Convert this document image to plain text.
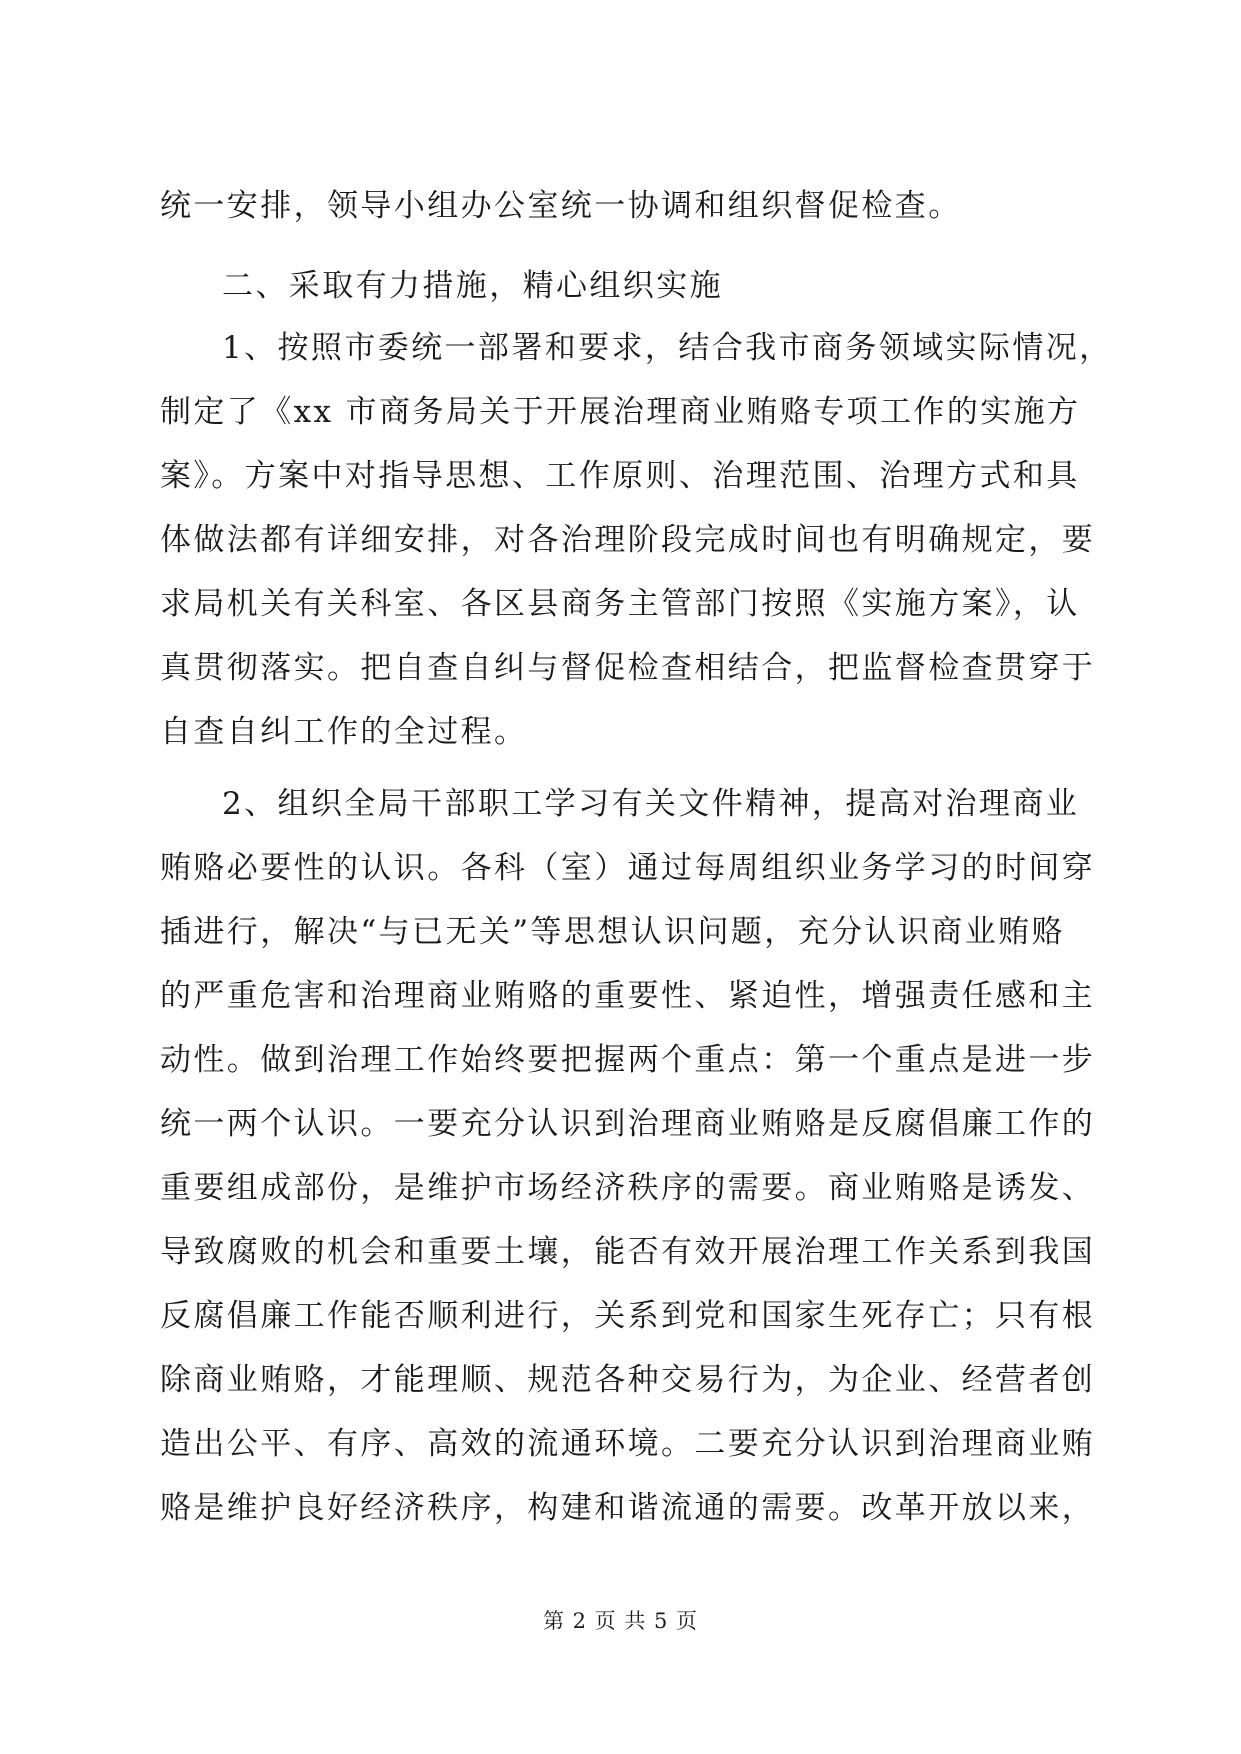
统一安排，领导小组办公室统一协调和组织督促检查。
二、采取有力措施，精心组织实施
1、按照市委统一部署和要求，结合我市商务领域实际情况，
制定了《xx 市商务局关于开展治理商业贿赂专项工作的实施方
案》。方案中对指导思想、工作原则、治理范围、治理方式和具
体做法都有详细安排，对各治理阶段完成时间也有明确规定，要
求局机关有关科室、各区县商务主管部门按照《实施方案》，认
真贯彻落实。把自查自纠与督促检查相结合，把监督检查贯穿于
自查自纠工作的全过程。
2、组织全局干部职工学习有关文件精神，提高对治理商业
贿赂必要性的认识。各科（室）通过每周组织业务学习的时间穿
插进行，解决“与已无关”等思想认识问题，充分认识商业贿赂
的严重危害和治理商业贿赂的重要性、紧迫性，增强责任感和主
动性。做到治理工作始终要把握两个重点：第一个重点是进一步
统一两个认识。一要充分认识到治理商业贿赂是反腐倡廉工作的
重要组成部份，是维护市场经济秩序的需要。商业贿赂是诱发、
导致腐败的机会和重要土壤，能否有效开展治理工作关系到我国
反腐倡廉工作能否顺利进行，关系到党和国家生死存亡；只有根
除商业贿赂，才能理顺、规范各种交易行为，为企业、经营者创
造出公平、有序、高效的流通环境。二要充分认识到治理商业贿
赂是维护良好经济秩序，构建和谐流通的需要。改革开放以来，
第 2 页 共 5 页
